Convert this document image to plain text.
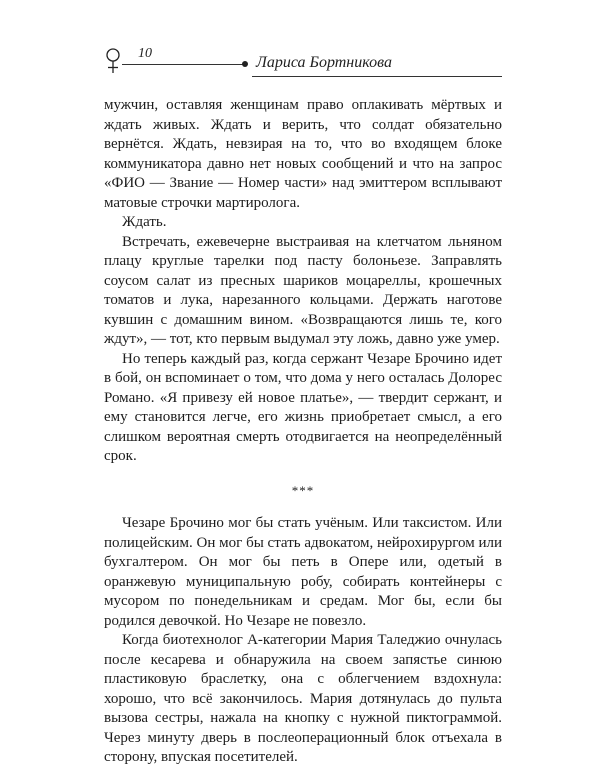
10
Лариса Бортникова

мужчин, оставляя женщинам право оплакивать мёртвых и ждать живых. Ждать и верить, что солдат обязательно вернётся. Ждать, невзирая на то, что во входящем блоке коммуникатора давно нет новых сообщений и что на запрос «ФИО — Звание — Номер части» над эмиттером всплывают матовые строчки мартиролога.

Ждать.

Встречать, ежевечерне выстраивая на клетчатом льняном плацу круглые тарелки под пасту болоньезе. Заправлять соусом салат из пресных шариков моцареллы, крошечных томатов и лука, нарезанного кольцами. Держать наготове кувшин с домашним вином. «Возвращаются лишь те, кого ждут», — тот, кто первым выдумал эту ложь, давно уже умер.

Но теперь каждый раз, когда сержант Чезаре Брочино идет в бой, он вспоминает о том, что дома у него осталась Долорес Романо. «Я привезу ей новое платье», — твердит сержант, и ему становится легче, его жизнь приобретает смысл, а его слишком вероятная смерть отодвигается на неопределённый срок.

***

Чезаре Брочино мог бы стать учёным. Или таксистом. Или полицейским. Он мог бы стать адвокатом, нейрохирургом или бухгалтером. Он мог бы петь в Опере или, одетый в оранжевую муниципальную робу, собирать контейнеры с мусором по понедельникам и средам. Мог бы, если бы родился девочкой. Но Чезаре не повезло.

Когда биотехнолог А-категории Мария Таледжио очнулась после кесарева и обнаружила на своем запястье синюю пластиковую браслетку, она с облегчением вздохнула: хорошо, что всё закончилось. Мария дотянулась до пульта вызова сестры, нажала на кнопку с нужной пиктограммой. Через минуту дверь в послеоперационный блок отъехала в сторону, впуская посетителей.
